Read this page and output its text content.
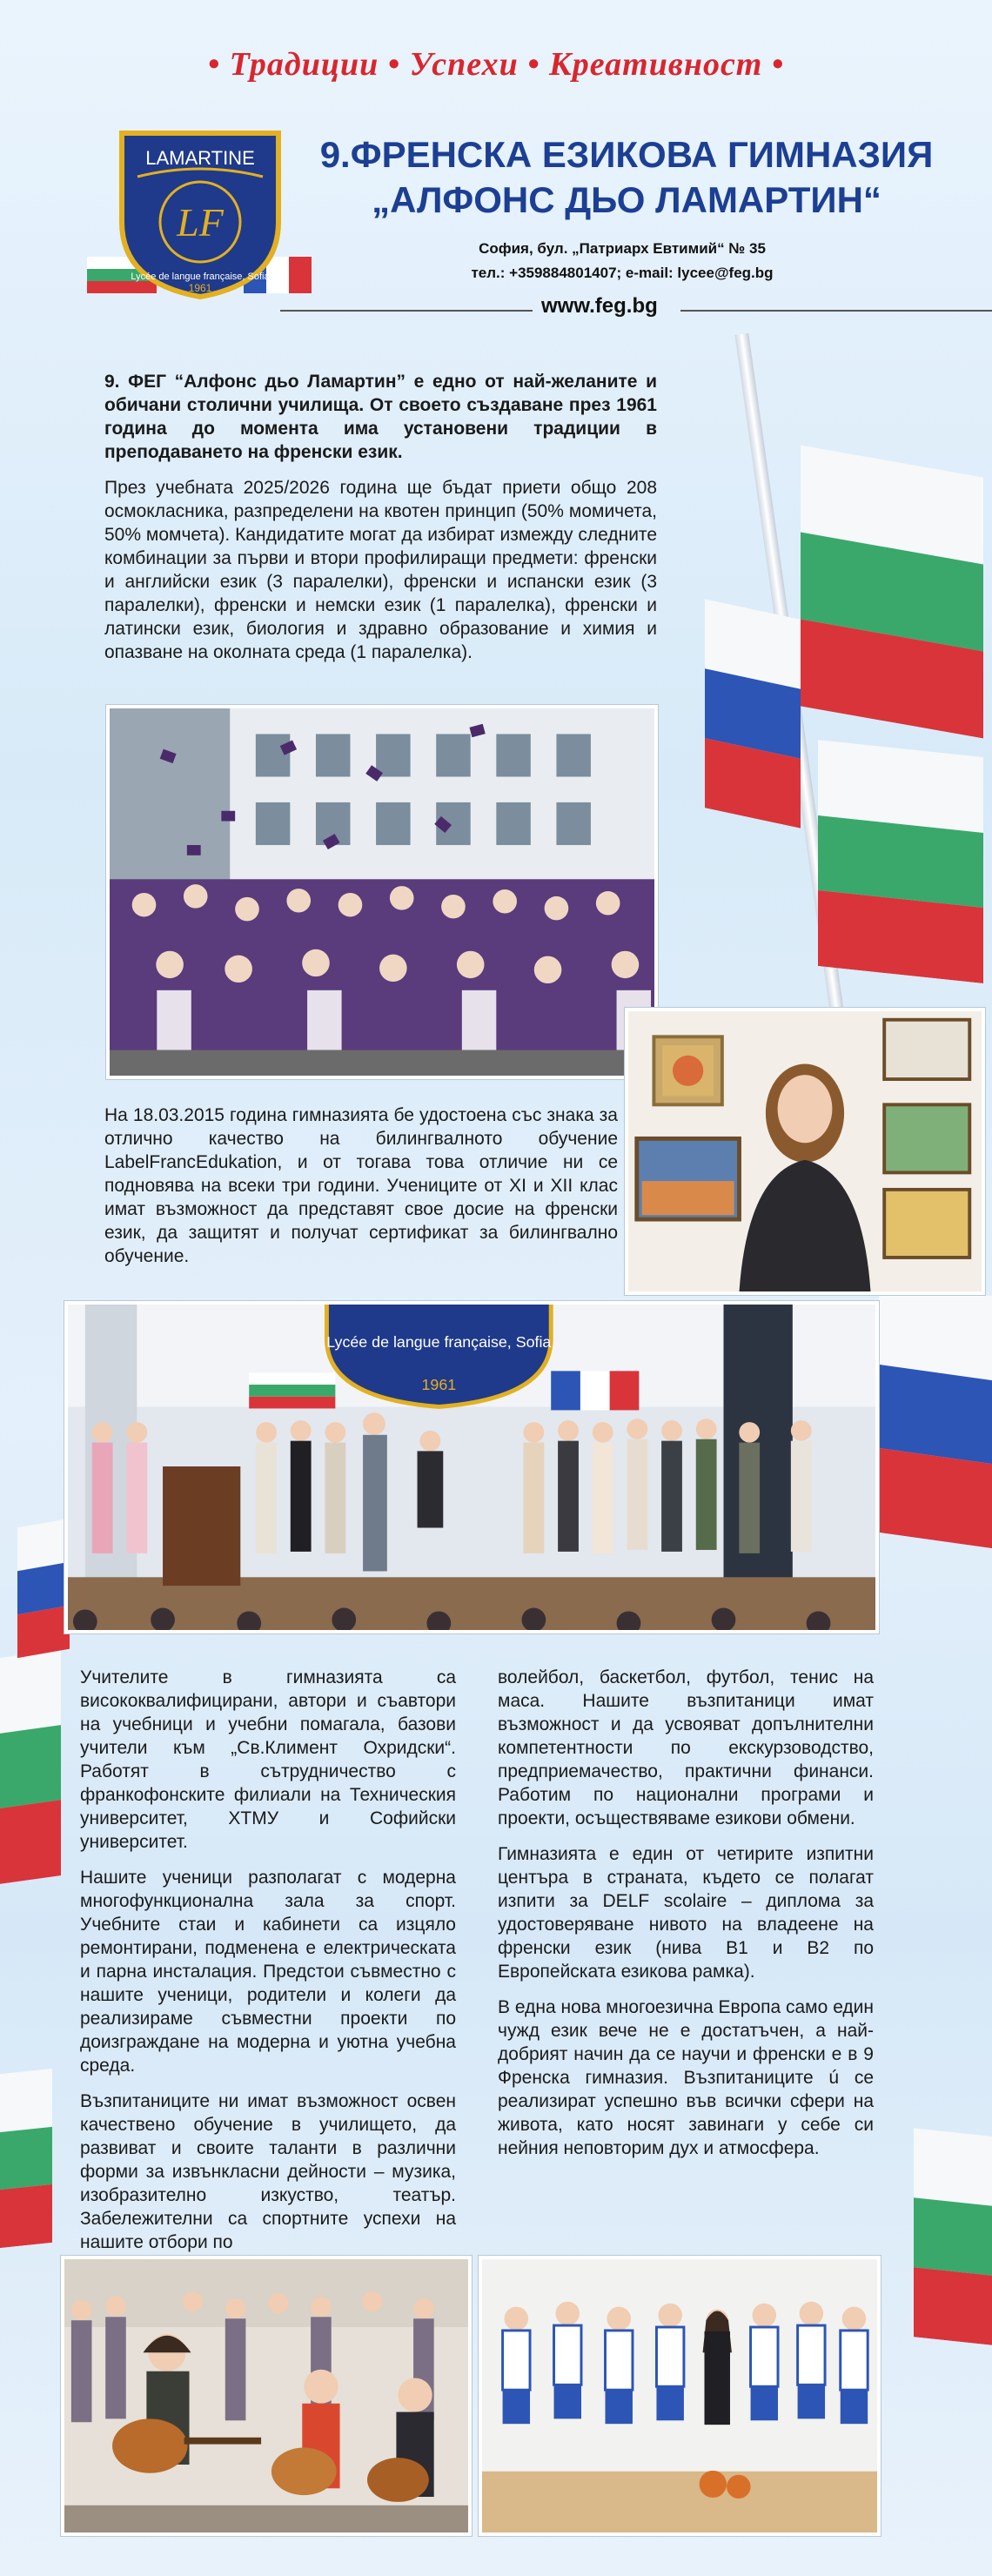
• Традиции • Успехи • Креативност •
LAMARTINE
LF
Lycée de langue française, Sofia
1961
9.ФРЕНСКА ЕЗИКОВА ГИМНАЗИЯ
„АЛФОНС ДЬО ЛАМАРТИН“
София, бул. „Патриарх Евтимий“ № 35
тел.: +359884801407; e-mail: lycee@feg.bg
www.feg.bg

9. ФЕГ “Алфонс дьо Ламартин” е едно от най-желаните и обичани столични училища. От своето създаване през 1961 година до момента има установени традиции в преподаването на френски език.

През учебната 2025/2026 година ще бъдат приети общо 208 осмокласника, разпределени на квотен принцип (50% момичета, 50% момчета). Кандидатите могат да избират измежду следните комбинации за първи и втори профилиращи предмети: френски и английски език (3 паралелки), френски и испански език (3 паралелки), френски и немски език (1 паралелка), френски и латински език, биология и здравно образование и химия и опазване на околната среда (1 паралелка).

На 18.03.2015 година гимназията бе удостоена със знака за отлично качество на билингвалното обучение LabelFrancEdukation, и от тогава това отличие ни се подновява на всеки три години. Учениците от XI и XII клас имат възможност да представят свое досие на френски език, да защитят и получат сертификат за билингвално обучение.

Lycée de langue française, Sofia
1961

Учителите в гимназията са висококвалифицирани, автори и съавтори на учебници и учебни помагала, базови учители към „Св.Климент Охридски“. Работят в сътрудничество с франкофонските филиали на Техническия университет, ХТМУ и Софийски университет.

Нашите ученици разполагат с модерна многофункционална зала за спорт. Учебните стаи и кабинети са изцяло ремонтирани, подменена е електрическата и парна инсталация. Предстои съвместно с нашите ученици, родители и колеги да реализираме съвместни проекти по доизграждане на модерна и уютна учебна среда.

Възпитаниците ни имат възможност освен качествено обучение в училището, да развиват и своите таланти в различни форми за извънкласни дейности – музика, изобразително изкуство, театър. Забележителни са спортните успехи на нашите отбори по

волейбол, баскетбол, футбол, тенис на маса. Нашите възпитаници имат възможност и да усвояват допълнителни компетентности по екскурзоводство, предприемачество, практични финанси. Работим по национални програми и проекти, осъществяваме езикови обмени.

Гимназията е един от четирите изпитни центъра в страната, където се полагат изпити за DELF scolaire – диплома за удостоверяване нивото на владеене на френски език (нива В1 и В2 по Европейската езикова рамка).

В една нова многоезична Европа само един чужд език вече не е достатъчен, а най-добрият начин да се научи и френски е в 9 Френска гимназия. Възпитаниците ú се реализират успешно във всички сфери на живота, като носят завинаги у себе си нейния неповторим дух и атмосфера.
